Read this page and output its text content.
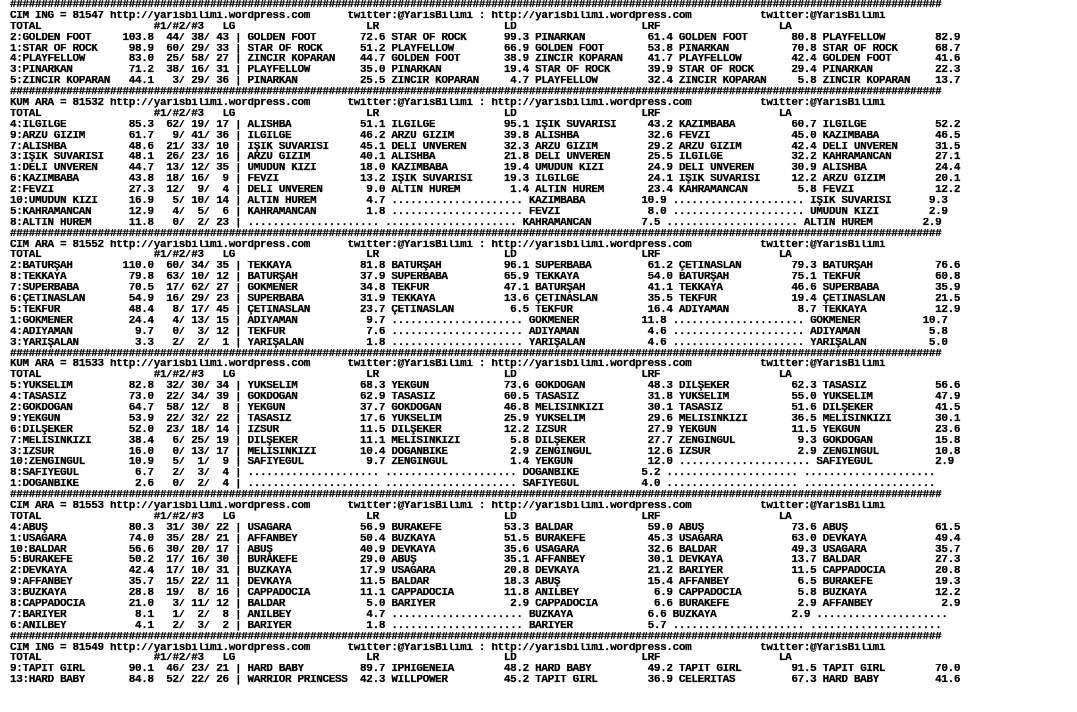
#####################################################################################################################################################
CIM ING = 81547 http://yarisbilimi.wordpress.com      twitter:@YarisBilimi : http://yarisbilimi.wordpress.com           twitter:@YarisBilimi
TOTAL                  #1/#2/#3   LG                     LR                    LD                    LRF                   LA
2:GOLDEN FOOT     103.8  44/ 38/ 43 | GOLDEN FOOT       72.6 STAR OF ROCK      99.3 PINARKAN          61.4 GOLDEN FOOT       80.8 PLAYFELLOW        82.9
1:STAR OF ROCK     98.9  60/ 29/ 33 | STAR OF ROCK      51.2 PLAYFELLOW        66.9 GOLDEN FOOT       53.8 PINARKAN          70.8 STAR OF ROCK      68.7
4:PLAYFELLOW       83.0  25/ 58/ 27 | ZİNCİR KOPARAN    44.7 GOLDEN FOOT       38.9 ZİNCİR KOPARAN    41.7 PLAYFELLOW        42.4 GOLDEN FOOT       41.6
3:PINARKAN         71.2  38/ 16/ 31 | PLAYFELLOW        35.0 PINARKAN          19.4 STAR OF ROCK      39.9 STAR OF ROCK      29.4 PINARKAN          22.3
5:ZİNCİR KOPARAN   44.1   3/ 29/ 36 | PINARKAN          25.5 ZİNCİR KOPARAN     4.7 PLAYFELLOW        32.4 ZİNCİR KOPARAN     5.8 ZİNCİR KOPARAN    13.7
#####################################################################################################################################################
KUM ARA = 81532 http://yarisbilimi.wordpress.com      twitter:@YarisBilimi : http://yarisbilimi.wordpress.com           twitter:@YarisBilimi
TOTAL                  #1/#2/#3   LG                     LR                    LD                    LRF                   LA
4:İLGİLGE          85.3  62/ 19/ 17 | ALISHBA           51.1 İLGİLGE           95.1 IŞIK SÜVARİSİ     43.2 KAZIMBABA         60.7 İLGİLGE           52.2
9:ARZU GIZIM       61.7   9/ 41/ 36 | İLGİLGE           46.2 ARZU GIZIM        39.8 ALISHBA           32.6 FEVZİ             45.0 KAZIMBABA         46.5
7:ALISHBA          48.6  21/ 33/ 10 | IŞIK SÜVARİSİ     45.1 DELİ ÜNVEREN      32.3 ARZU GIZIM        29.2 ARZU GIZIM        42.4 DELİ ÜNVEREN      31.5
3:IŞIK SÜVARİSİ    48.1  26/ 23/ 16 | ARZU GIZIM        40.1 ALISHBA           21.8 DELİ ÜNVEREN      25.5 İLGİLGE           32.2 KAHRAMANCAN       27.1
1:DELİ ÜNVEREN     44.7  13/ 12/ 35 | UMUDUN KIZI       18.0 KAZIMBABA         19.4 UMUDUN KIZI       24.9 DELİ ÜNVEREN      30.9 ALISHBA           24.4
6:KAZIMBABA        43.8  18/ 16/  9 | FEVZİ             13.2 IŞIK SÜVARİSİ     19.3 İLGİLGE           24.1 IŞIK SÜVARİSİ     12.2 ARZU GIZIM        20.1
2:FEVZİ            27.3  12/  9/  4 | DELİ ÜNVEREN       9.0 ALTIN HÜREM        1.4 ALTIN HÜREM       23.4 KAHRAMANCAN        5.8 FEVZİ             12.2
10:UMUDUN KIZI     16.9   5/ 10/ 14 | ALTIN HÜREM        4.7 ..................... KAZIMBABA         10.9 ..................... IŞIK SÜVARİSİ      9.3
5:KAHRAMANCAN      12.9   4/  5/  6 | KAHRAMANCAN        1.8 ..................... FEVZİ              8.0 ..................... UMUDUN KIZI        2.9
8:ALTIN HÜREM      11.8   0/  2/ 23 | ..................... ..................... KAHRAMANCAN        7.5 ..................... ALTIN HÜREM        2.9
#####################################################################################################################################################
CIM ARA = 81552 http://yarisbilimi.wordpress.com      twitter:@YarisBilimi : http://yarisbilimi.wordpress.com           twitter:@YarisBilimi
TOTAL                  #1/#2/#3   LG                     LR                    LD                    LRF                   LA
2:BATURŞAH        110.0  60/ 34/ 35 | TEKKAYA           81.8 BATURŞAH          96.1 SÜPERBABA         61.2 ÇETİNASLAN        79.3 BATURŞAH          76.6
8:TEKKAYA          79.8  63/ 10/ 12 | BATURŞAH          37.9 SÜPERBABA         65.9 TEKKAYA           54.0 BATURŞAH          75.1 TEKFUR            60.8
7:SÜPERBABA        70.5  17/ 62/ 27 | GÖKMENER          34.8 TEKFUR            47.1 BATURŞAH          41.1 TEKKAYA           46.6 SÜPERBABA         35.9
6:ÇETİNASLAN       54.9  16/ 29/ 23 | SÜPERBABA         31.9 TEKKAYA           13.6 ÇETİNASLAN        35.5 TEKFUR            19.4 ÇETİNASLAN        21.5
5:TEKFUR           48.4   8/ 17/ 45 | ÇETİNASLAN        23.7 ÇETİNASLAN         6.5 TEKFUR            16.4 ADIYAMAN           8.7 TEKKAYA           12.9
1:GÖKMENER         24.4   4/ 13/ 15 | ADIYAMAN           9.7 ..................... GÖKMENER          11.8 ..................... GÖKMENER          10.7
4:ADIYAMAN          9.7   0/  3/ 12 | TEKFUR             7.6 ..................... ADIYAMAN           4.6 ..................... ADIYAMAN           5.8
3:YARIŞALAN         3.3   2/  2/  1 | YARIŞALAN          1.8 ..................... YARIŞALAN          4.6 ..................... YARIŞALAN          5.0
#####################################################################################################################################################
KUM ARA = 81533 http://yarisbilimi.wordpress.com      twitter:@YarisBilimi : http://yarisbilimi.wordpress.com           twitter:@YarisBilimi
TOTAL                  #1/#2/#3   LG                     LR                    LD                    LRF                   LA
5:YÜKSELİM         82.8  32/ 30/ 34 | YÜKSELİM          68.3 YEKGÜN            73.6 GÖKDOĞAN          48.3 DİLŞEKER          62.3 TASASIZ           56.6
4:TASASIZ          73.0  22/ 34/ 39 | GÖKDOĞAN          62.9 TASASIZ           60.5 TASASIZ           31.8 YÜKSELİM          55.0 YÜKSELİM          47.9
2:GÖKDOĞAN         64.7  58/ 12/  8 | YEKGÜN            37.7 GÖKDOĞAN          46.8 MELİSİNKİZİ       30.1 TASASIZ           51.6 DİLŞEKER          41.5
9:YEKGÜN           53.9  22/ 32/ 22 | TASASIZ           17.6 YÜKSELİM          25.9 YÜKSELİM          29.6 MELİSİNKİZİ       36.5 MELİSİNKİZİ       30.1
6:DİLŞEKER         52.0  23/ 18/ 14 | İZSÜR             11.5 DİLŞEKER          12.2 İZSÜR             27.9 YEKGÜN            11.5 YEKGÜN            23.6
7:MELİSİNKİZİ      38.4   6/ 25/ 19 | DİLŞEKER          11.1 MELİSİNKİZİ        5.8 DİLŞEKER          27.7 ZENGİNGÜL          9.3 GÖKDOĞAN          15.8
3:İZSÜR            16.0   0/ 13/ 17 | MELİSİNKİZİ       10.4 DOĞANBİKE          2.9 ZENGİNGÜL         12.6 İZSÜR              2.9 ZENGİNGÜL         10.8
10:ZENGİNGÜL       10.9   5/  1/  9 | SAFİYEGÜL          9.7 ZENGİNGÜL          1.4 YEKGÜN            12.0 ..................... SAFİYEGÜL          2.9
8:SAFİYEGÜL         6.7   2/  3/  4 | ..................... ..................... DOĞANBİKE          5.2 ..................... .....................
1:DOĞANBİKE         2.6   0/  2/  4 | ..................... ..................... SAFİYEGÜL          4.0 ..................... .....................
#####################################################################################################################################################
CIM ARA = 81553 http://yarisbilimi.wordpress.com      twitter:@YarisBilimi : http://yarisbilimi.wordpress.com           twitter:@YarisBilimi
TOTAL                  #1/#2/#3   LG                     LR                    LD                    LRF                   LA
4:ABUŞ             80.3  31/ 30/ 22 | USAGARA           56.9 BURAKEFE          53.3 BALDAR            59.0 ABUŞ              73.6 ABUŞ              61.5
1:USAGARA          74.0  35/ 28/ 21 | AFFANBEY          50.4 BUZKAYA           51.5 BURAKEFE          45.3 USAGARA           63.0 DEVKAYA           49.4
10:BALDAR          56.6  30/ 20/ 17 | ABUŞ              40.9 DEVKAYA           35.6 USAGARA           32.6 BALDAR            49.3 USAGARA           35.7
5:BURAKEFE         50.2  17/ 16/ 30 | BURAKEFE          29.0 ABUŞ              35.1 AFFANBEY          30.1 DEVKAYA           13.7 BALDAR            27.3
2:DEVKAYA          42.4  17/ 10/ 31 | BUZKAYA           17.9 USAGARA           20.8 DEVKAYA           21.2 BARİYER           11.5 CAPPADOCIA        20.8
9:AFFANBEY         35.7  15/ 22/ 11 | DEVKAYA           11.5 BALDAR            18.3 ABUŞ              15.4 AFFANBEY           6.5 BURAKEFE          19.3
3:BUZKAYA          28.8  19/  8/ 16 | CAPPADOCIA        11.1 CAPPADOCIA        11.8 ANILBEY            6.9 CAPPADOCIA         5.8 BUZKAYA           12.2
8:CAPPADOCIA       21.0   3/ 11/ 12 | BALDAR             5.0 BARİYER            2.9 CAPPADOCIA         6.6 BURAKEFE           2.9 AFFANBEY           2.9
7:BARİYER           8.1   1/  2/  8 | ANILBEY            4.7 ..................... BUZKAYA            6.6 BUZKAYA            2.9 .....................
6:ANILBEY           4.1   2/  3/  2 | BARİYER            1.8 ..................... BARİYER            5.7 ..................... .....................
#####################################################################################################################################################
CIM ING = 81549 http://yarisbilimi.wordpress.com      twitter:@YarisBilimi : http://yarisbilimi.wordpress.com           twitter:@YarisBilimi
TOTAL                  #1/#2/#3   LG                     LR                    LD                    LRF                   LA
9:TAPIT GIRL       90.1  46/ 23/ 21 | HARD BABY         89.7 IPHIGENEIA        48.2 HARD BABY         49.2 TAPIT GIRL        91.5 TAPIT GIRL        70.0
13:HARD BABY       84.8  52/ 22/ 26 | WARRIOR PRINCESS  42.3 WILLPOWER         45.2 TAPIT GIRL        36.9 CELERITAS         67.3 HARD BABY         41.6
